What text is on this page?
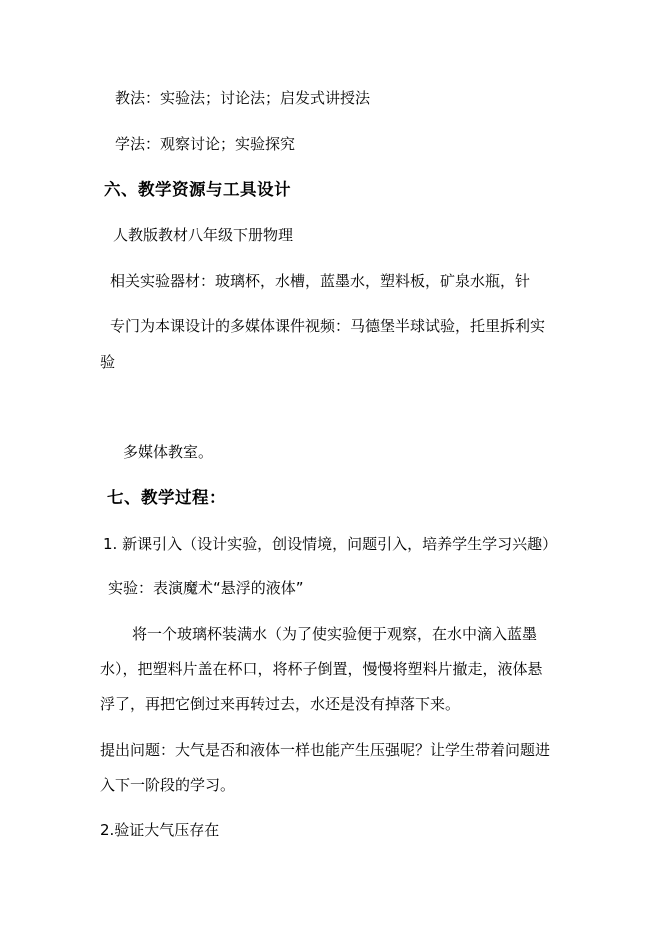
教法：实验法；讨论法；启发式讲授法

学法：观察讨论；实验探究

六、教学资源与工具设计

人教版教材八年级下册物理

相关实验器材：玻璃杯，水槽，蓝墨水，塑料板，矿泉水瓶，针

专门为本课设计的多媒体课件视频：马德堡半球试验，托里拆利实

验

多媒体教室。

七、教学过程：

1. 新课引入（设计实验，创设情境，问题引入，培养学生学习兴趣）

实验：表演魔术“悬浮的液体”

将一个玻璃杯装满水（为了使实验便于观察，在水中滴入蓝墨

水），把塑料片盖在杯口，将杯子倒置，慢慢将塑料片撤走，液体悬

浮了，再把它倒过来再转过去，水还是没有掉落下来。

提出问题：大气是否和液体一样也能产生压强呢？让学生带着问题进

入下一阶段的学习。

2.验证大气压存在
